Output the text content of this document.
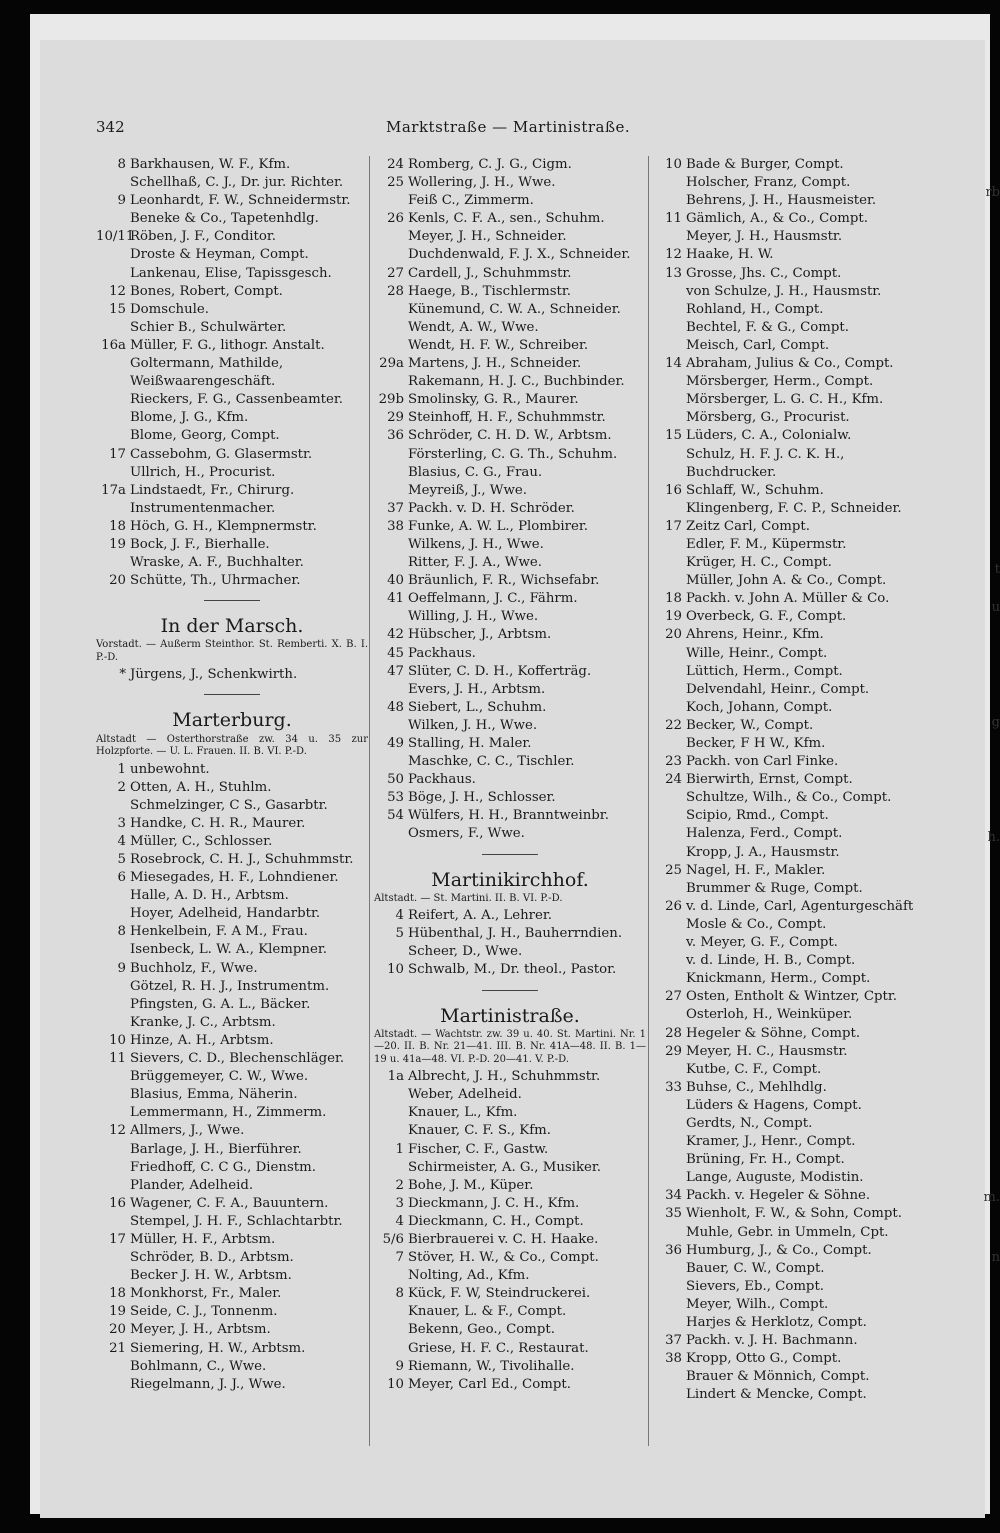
342	Marktstraße — Martinistraße.
8 Barkhausen, W. F., Kfm.
Schellhaß, C. J., Dr. jur. Richter.
9 Leonhardt, F. W., Schneidermstr.
Beneke & Co., Tapetenhdlg.
10/11
Röben, J. F., Conditor.
Droste & Heyman, Compt.
Lankenau, Elise, Tapissgesch.
12 Bones, Robert, Compt.
15 Domschule.
Schier B., Schulwärter.
16a Müller, F. G., lithogr. Anstalt.
Goltermann, Mathilde, Weißwaarengeschäft.
Rieckers, F. G., Cassenbeamter.
Blome, J. G., Kfm.
Blome, Georg, Compt.
17 Cassebohm, G. Glasermstr.
Ullrich, H., Procurist.
17a Lindstaedt, Fr., Chirurg. Instrumentenmacher.
18 Höch, G. H., Klempnermstr.
19 Bock, J. F., Bierhalle.
Wraske, A. F., Buchhalter.
20 Schütte, Th., Uhrmacher.
In der Marsch.
Vorstadt. — Außerm Steinthor. St. Remberti. X. B. I. P.-D.
* Jürgens, J., Schenkwirth.
Marterburg.
Altstadt — Osterthorstraße zw. 34 u. 35 zur Holzpforte. — U. L. Frauen. II. B. VI. P.-D.
1 unbewohnt.
2 Otten, A. H., Stuhlm.
Schmelzinger, C S., Gasarbtr.
3 Handke, C. H. R., Maurer.
4 Müller, C., Schlosser.
5 Rosebrock, C. H. J., Schuhmmstr.
6 Miesegades, H. F., Lohndiener.
Halle, A. D. H., Arbtsm.
Hoyer, Adelheid, Handarbtr.
8 Henkelbein, F. A M., Frau.
Isenbeck, L. W. A., Klempner.
9 Buchholz, F., Wwe.
Götzel, R. H. J., Instrumentm.
Pfingsten, G. A. L., Bäcker.
Kranke, J. C., Arbtsm.
10 Hinze, A. H., Arbtsm.
11 Sievers, C. D., Blechenschläger.
Brüggemeyer, C. W., Wwe.
Blasius, Emma, Näherin.
Lemmermann, H., Zimmerm.
12 Allmers, J., Wwe.
Barlage, J. H., Bierführer.
Friedhoff, C. C G., Dienstm.
Plander, Adelheid.
16 Wagener, C. F. A., Bauuntern.
Stempel, J. H. F., Schlachtarbtr.
17 Müller, H. F., Arbtsm.
Schröder, B. D., Arbtsm.
Becker J. H. W., Arbtsm.
18 Monkhorst, Fr., Maler.
19 Seide, C. J., Tonnenm.
20 Meyer, J. H., Arbtsm.
21 Siemering, H. W., Arbtsm.
Bohlmann, C., Wwe.
Riegelmann, J. J., Wwe.
24 Romberg, C. J. G., Cigm.
25 Wollering, J. H., Wwe.
Feiß C., Zimmerm.
26 Kenls, C. F. A., sen., Schuhm.
Meyer, J. H., Schneider.
Duchdenwald, F. J. X., Schneider.
27 Cardell, J., Schuhmmstr.
28 Haege, B., Tischlermstr.
Künemund, C. W. A., Schneider.
Wendt, A. W., Wwe.
Wendt, H. F. W., Schreiber.
29a Martens, J. H., Schneider.
Rakemann, H. J. C., Buchbinder.
29b Smolinsky, G. R., Maurer.
29 Steinhoff, H. F., Schuhmmstr.
36 Schröder, C. H. D. W., Arbtsm.
Försterling, C. G. Th., Schuhm.
Blasius, C. G., Frau.
Meyreiß, J., Wwe.
37 Packh. v. D. H. Schröder.
38 Funke, A. W. L., Plombirer.
Wilkens, J. H., Wwe.
Ritter, F. J. A., Wwe.
40 Bräunlich, F. R., Wichsefabr.
41 Oeffelmann, J. C., Fährm.
Willing, J. H., Wwe.
42 Hübscher, J., Arbtsm.
45 Packhaus.
47 Slüter, C. D. H., Kofferträg.
Evers, J. H., Arbtsm.
48 Siebert, L., Schuhm.
Wilken, J. H., Wwe.
49 Stalling, H. Maler.
Maschke, C. C., Tischler.
50 Packhaus.
53 Böge, J. H., Schlosser.
54 Wülfers, H. H., Branntweinbr.
Osmers, F., Wwe.
Martinikirchhof.
Altstadt. — St. Martini. II. B. VI. P.-D.
4 Reifert, A. A., Lehrer.
5 Hübenthal, J. H., Bauherrndien.
Scheer, D., Wwe.
10 Schwalb, M., Dr. theol., Pastor.
Martinistraße.
Altstadt. — Wachtstr. zw. 39 u. 40. St. Martini. Nr. 1—20. II. B. Nr. 21—41. III. B. Nr. 41A—48. II. B. 1—19 u. 41a—48. VI. P.-D. 20—41. V. P.-D.
1a Albrecht, J. H., Schuhmmstr.
Weber, Adelheid.
Knauer, L., Kfm.
Knauer, C. F. S., Kfm.
1 Fischer, C. F., Gastw.
Schirmeister, A. G., Musiker.
2 Bohe, J. M., Küper.
3 Dieckmann, J. C. H., Kfm.
4 Dieckmann, C. H., Compt.
5/6 Bierbrauerei v. C. H. Haake.
7 Stöver, H. W., & Co., Compt.
Nolting, Ad., Kfm.
8 Kück, F. W, Steindruckerei.
Knauer, L. & F., Compt.
Bekenn, Geo., Compt.
Griese, H. F. C., Restaurat.
9 Riemann, W., Tivolihalle.
10 Meyer, Carl Ed., Compt.
10 Bade & Burger, Compt.
Holscher, Franz, Compt.
Behrens, J. H., Hausmeister.
11 Gämlich, A., & Co., Compt.
Meyer, J. H., Hausmstr.
12 Haake, H. W.
13 Grosse, Jhs. C., Compt.
von Schulze, J. H., Hausmstr.
Rohland, H., Compt.
Bechtel, F. & G., Compt.
Meisch, Carl, Compt.
14 Abraham, Julius & Co., Compt.
Mörsberger, Herm., Compt.
Mörsberger, L. G. C. H., Kfm.
Mörsberg, G., Procurist.
15 Lüders, C. A., Colonialw.
Schulz, H. F. J. C. K. H., Buchdrucker.
16 Schlaff, W., Schuhm.
Klingenberg, F. C. P., Schneider.
17 Zeitz Carl, Compt.
Edler, F. M., Küpermstr.
Krüger, H. C., Compt.
Müller, John A. & Co., Compt.
18 Packh. v. John A. Müller & Co.
19 Overbeck, G. F., Compt.
20 Ahrens, Heinr., Kfm.
Wille, Heinr., Compt.
Lüttich, Herm., Compt.
Delvendahl, Heinr., Compt.
Koch, Johann, Compt.
22 Becker, W., Compt.
Becker, F H W., Kfm.
23 Packh. von Carl Finke.
24 Bierwirth, Ernst, Compt.
Schultze, Wilh., & Co., Compt.
Scipio, Rmd., Compt.
Halenza, Ferd., Compt.
Kropp, J. A., Hausmstr.
25 Nagel, H. F., Makler.
Brummer & Ruge, Compt.
26 v. d. Linde, Carl, Agenturgeschäft
Mosle & Co., Compt.
v. Meyer, G. F., Compt.
v. d. Linde, H. B., Compt.
Knickmann, Herm., Compt.
27 Osten, Entholt & Wintzer, Cptr.
Osterloh, H., Weinküper.
28 Hegeler & Söhne, Compt.
29 Meyer, H. C., Hausmstr.
Kutbe, C. F., Compt.
33 Buhse, C., Mehlhdlg.
Lüders & Hagens, Compt.
Gerdts, N., Compt.
Kramer, J., Henr., Compt.
Brüning, Fr. H., Compt.
Lange, Auguste, Modistin.
34 Packh. v. Hegeler & Söhne.
35 Wienholt, F. W., & Sohn, Compt.
Muhle, Gebr. in Ummeln, Cpt.
36 Humburg, J., & Co., Compt.
Bauer, C. W., Compt.
Sievers, Eb., Compt.
Meyer, Wilh., Compt.
Harjes & Herklotz, Compt.
37 Packh. v. J. H. Bachmann.
38 Kropp, Otto G., Compt.
Brauer & Mönnich, Compt.
Lindert & Mencke, Compt.
rb
t
u
g
h.
m.
n
